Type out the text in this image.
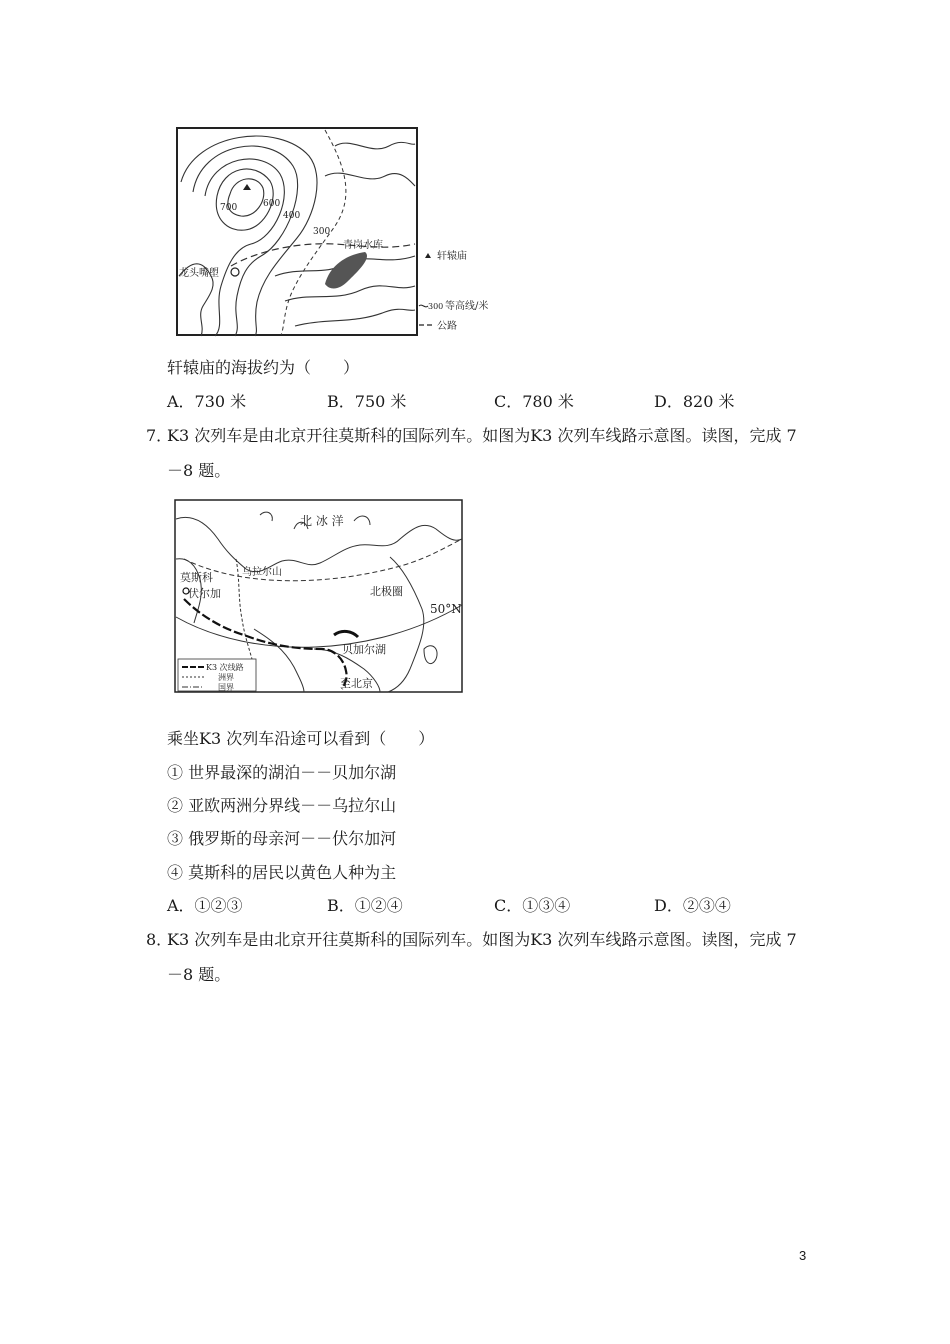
700	600
400
300
龙头嘴塱
青岗水库
轩辕庙
300 等高线/米
公路
轩辕庙的海拔约为（　　）
A．730 米	B．750 米	C．780 米	D．820 米
7．
K3 次列车是由北京开往莫斯科的国际列车。如图为K3 次列车线路示意图。读图，完成 7
－8 题。
北 冰 洋
莫斯科
伏尔加
乌拉尔山
北极圈
50°N
贝加尔湖
至北京
K3 次线路
洲界
国界
乘坐K3 次列车沿途可以看到（　　）
① 世界最深的湖泊－－贝加尔湖
② 亚欧两洲分界线－－乌拉尔山
③ 俄罗斯的母亲河－－伏尔加河
④ 莫斯科的居民以黄色人种为主
A．①②③	B．①②④	C．①③④	D．②③④
8．
K3 次列车是由北京开往莫斯科的国际列车。如图为K3 次列车线路示意图。读图，完成 7
－8 题。
3
